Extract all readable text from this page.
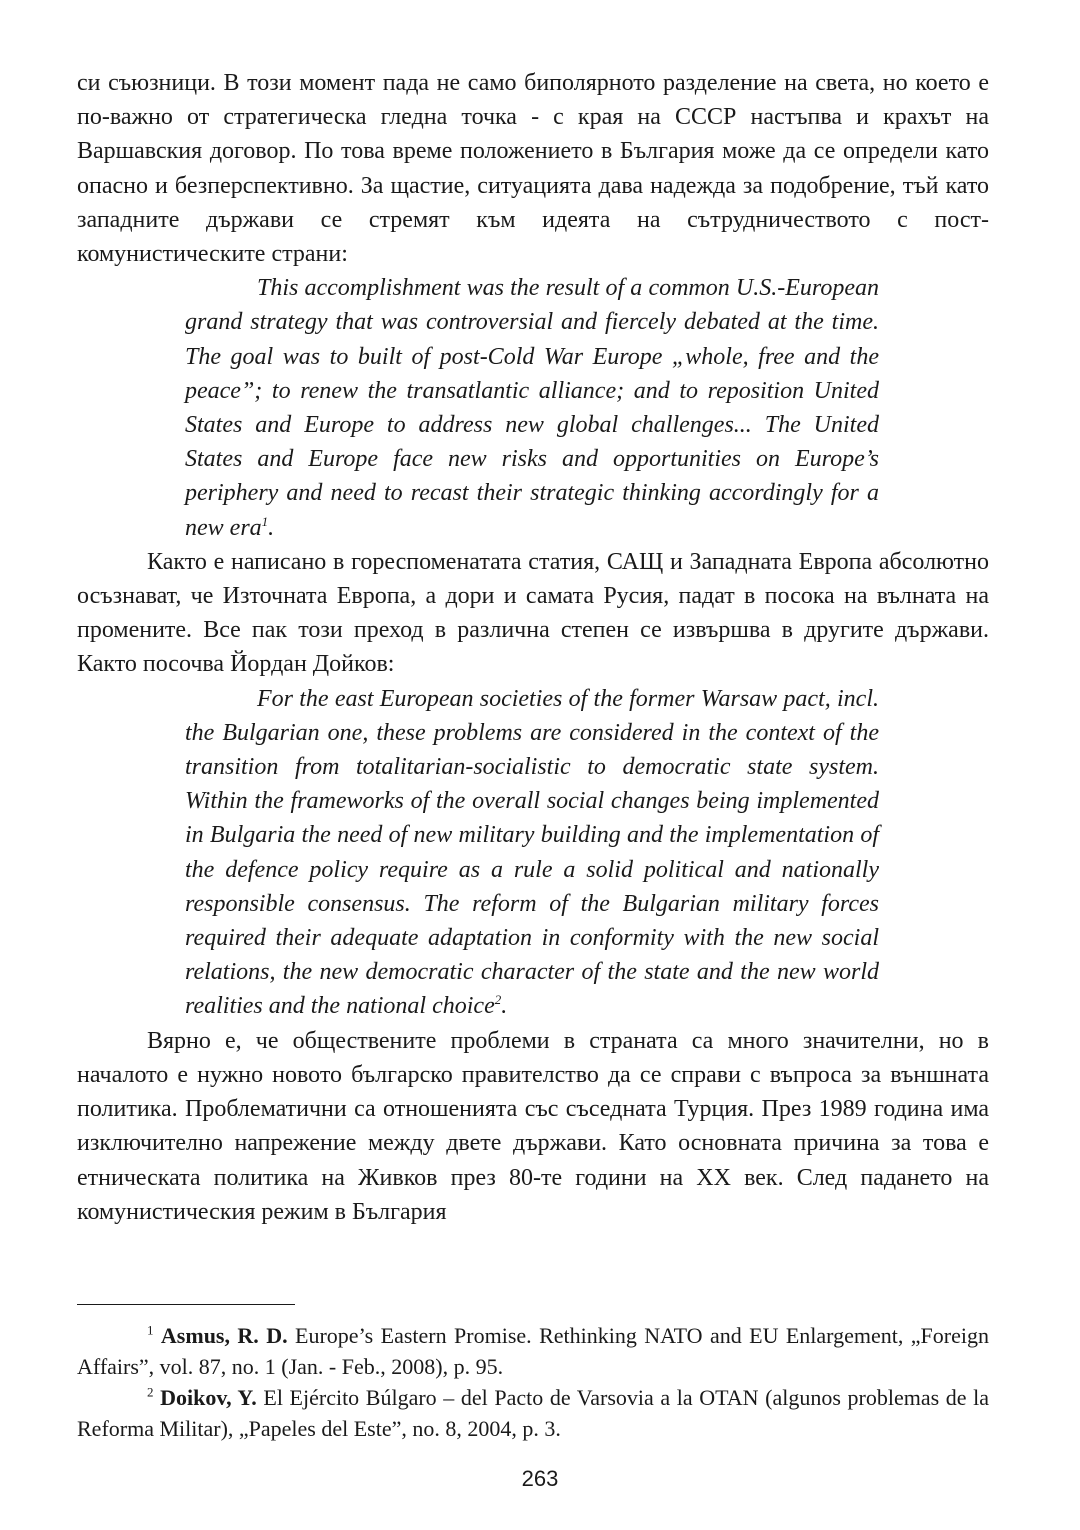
си съюзници. В този момент пада не само биполярното разделение на света, но което е по-важно от стратегическа гледна точка - с края на СССР настъпва и крахът на Варшавския договор. По това време положението в България може да се определи като опасно и безперспективно. За щастие, ситуацията дава надежда за подобрение, тъй като западните държави се стремят към идеята на сътрудничеството с пост-комунистическите страни:

This accomplishment was the result of a common U.S.-European grand strategy that was controversial and fiercely debated at the time. The goal was to built of post-Cold War Europe „whole, free and the peace”; to renew the transatlantic alliance; and to reposition United States and Europe to address new global challenges... The United States and Europe face new risks and opportunities on Europe’s periphery and need to recast their strategic thinking accordingly for a new era$^1$.

Както е написано в гореспоменатата статия, САЩ и Западната Европа абсолютно осъзнават, че Източната Европа, а дори и самата Русия, падат в посока на вълната на промените. Все пак този преход в различна степен се извършва в другите държави. Както посочва Йордан Дойков:

For the east European societies of the former Warsaw pact, incl. the Bulgarian one, these problems are considered in the context of the transition from totalitarian-socialistic to democratic state system. Within the frameworks of the overall social changes being implemented in Bulgaria the need of new military building and the implementation of the defence policy require as a rule a solid political and nationally responsible consensus. The reform of the Bulgarian military forces required their adequate adaptation in conformity with the new social relations, the new democratic character of the state and the new world realities and the national choice$^2$.

Вярно е, че обществените проблеми в страната са много значителни, но в началото е нужно новото българско правителство да се справи с въпроса за външната политика. Проблематични са отношенията със съседната Турция. През 1989 година има изключително напрежение между двете държави. Като основната причина за това е етническата политика на Живков през 80-те години на ХХ век. След падането на комунистическия режим в България

$^1$ Asmus, R. D. Europe’s Eastern Promise. Rethinking NATO and EU Enlargement, „Foreign Affairs”, vol. 87, no. 1 (Jan. - Feb., 2008), p. 95.

$^2$ Doikov, Y. El Ejército Búlgaro – del Pacto de Varsovia a la OTAN (algunos problemas de la Reforma Militar), „Papeles del Este”, no. 8, 2004, p. 3.

263
